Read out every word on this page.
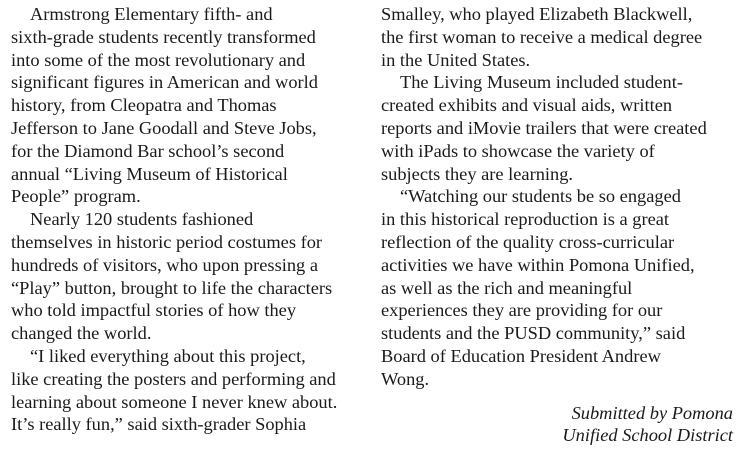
Armstrong Elementary fifth- and
sixth-grade students recently transformed
into some of the most revolutionary and
significant figures in American and world
history, from Cleopatra and Thomas
Jefferson to Jane Goodall and Steve Jobs,
for the Diamond Bar school’s second
annual “Living Museum of Historical
People” program.
Nearly 120 students fashioned
themselves in historic period costumes for
hundreds of visitors, who upon pressing a
“Play” button, brought to life the characters
who told impactful stories of how they
changed the world.
“I liked everything about this project,
like creating the posters and performing and
learning about someone I never knew about.
It’s really fun,” said sixth-grader Sophia
Smalley, who played Elizabeth Blackwell,
the first woman to receive a medical degree
in the United States.
The Living Museum included student-
created exhibits and visual aids, written
reports and iMovie trailers that were created
with iPads to showcase the variety of
subjects they are learning.
“Watching our students be so engaged
in this historical reproduction is a great
reflection of the quality cross-curricular
activities we have within Pomona Unified,
as well as the rich and meaningful
experiences they are providing for our
students and the PUSD community,” said
Board of Education President Andrew
Wong.
Submitted by Pomona
Unified School District
